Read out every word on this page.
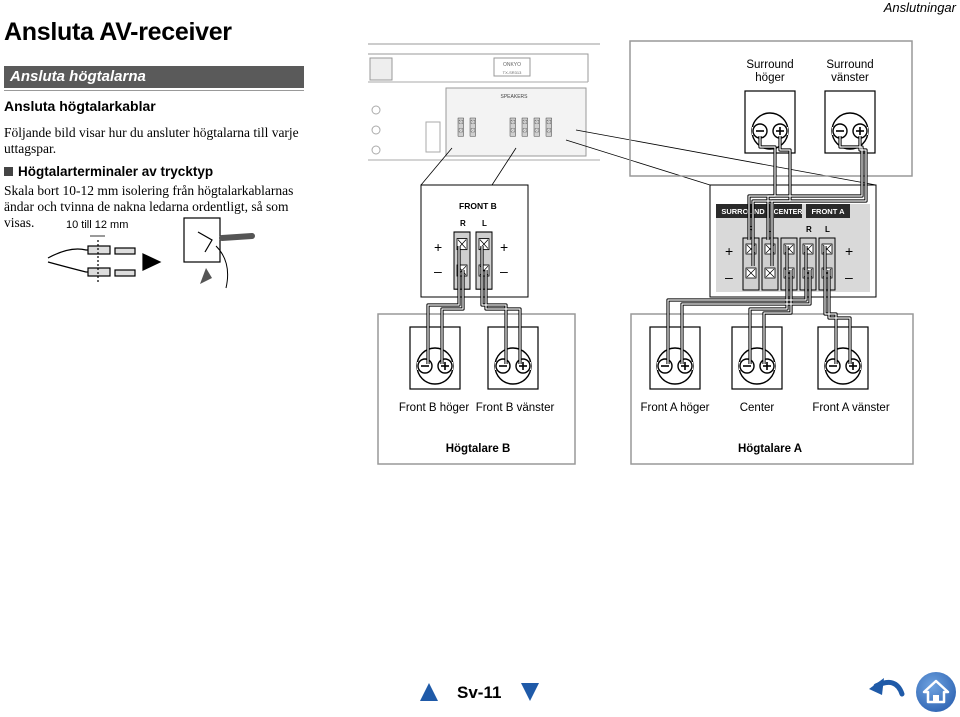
Anslutningar
Ansluta AV-receiver
Ansluta högtalarna
Ansluta högtalarkablar
Följande bild visar hur du ansluter högtalarna till varje uttagspar.
Högtalarterminaler av trycktyp
Skala bort 10-12 mm isolering från högtalarkablarnas ändar och tvinna de nakna ledarna ordentligt, så som visas.	10 till 12 mm
ONKYO
TX-SR313
SPEAKERS
FRONT B
R L
+	+
–	–
SURROUND CENTER FRONT A
R L	R L
+	+
–	–
Surround höger
Surround vänster
Front B höger Front B vänster	Front A höger	Center	Front A vänster
Högtalare B	Högtalare A
Sv-11
